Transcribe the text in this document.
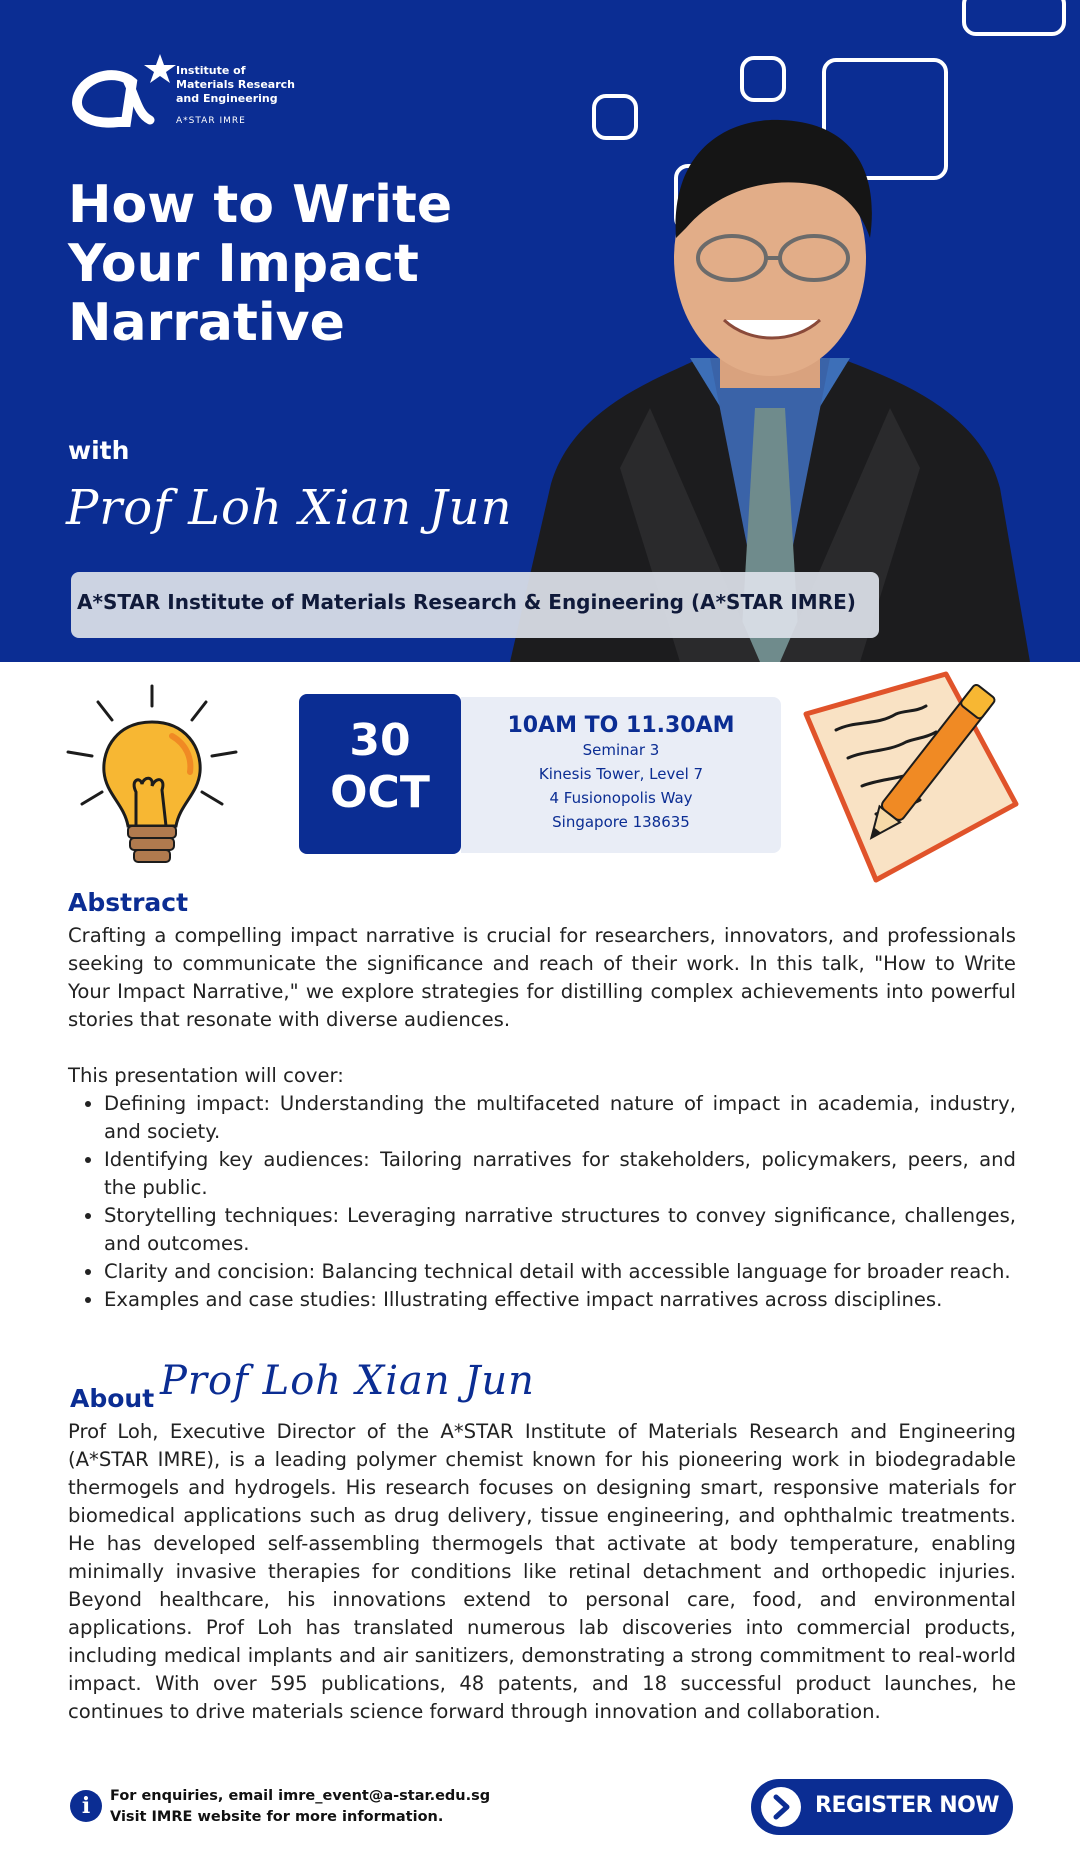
Institute of
Materials Research
and Engineering
A*STAR IMRE
How to Write
Your Impact
Narrative
with
Prof Loh Xian Jun
A*STAR Institute of Materials Research & Engineering (A*STAR IMRE)
30
OCT
10AM TO 11.30AM
Seminar 3
Kinesis Tower, Level 7
4 Fusionopolis Way
Singapore 138635
Abstract

Crafting a compelling impact narrative is crucial for researchers, innovators, and professionals seeking to communicate the significance and reach of their work. In this talk, "How to Write Your Impact Narrative," we explore strategies for distilling complex achievements into powerful stories that resonate with diverse audiences.

This presentation will cover:

• Defining impact: Understanding the multifaceted nature of impact in academia, industry, and society.
• Identifying key audiences: Tailoring narratives for stakeholders, policymakers, peers, and the public.
• Storytelling techniques: Leveraging narrative structures to convey significance, challenges, and outcomes.
• Clarity and concision: Balancing technical detail with accessible language for broader reach.
• Examples and case studies: Illustrating effective impact narratives across disciplines.
About Prof Loh Xian Jun

Prof Loh, Executive Director of the A*STAR Institute of Materials Research and Engineering (A*STAR IMRE), is a leading polymer chemist known for his pioneering work in biodegradable thermogels and hydrogels. His research focuses on designing smart, responsive materials for biomedical applications such as drug delivery, tissue engineering, and ophthalmic treatments. He has developed self-assembling thermogels that activate at body temperature, enabling minimally invasive therapies for conditions like retinal detachment and orthopedic injuries. Beyond healthcare, his innovations extend to personal care, food, and environmental applications. Prof Loh has translated numerous lab discoveries into commercial products, including medical implants and air sanitizers, demonstrating a strong commitment to real-world impact. With over 595 publications, 48 patents, and 18 successful product launches, he continues to drive materials science forward through innovation and collaboration.

i	For enquiries, email imre_event@a-star.edu.sg
Visit IMRE website for more information.	REGISTER NOW
